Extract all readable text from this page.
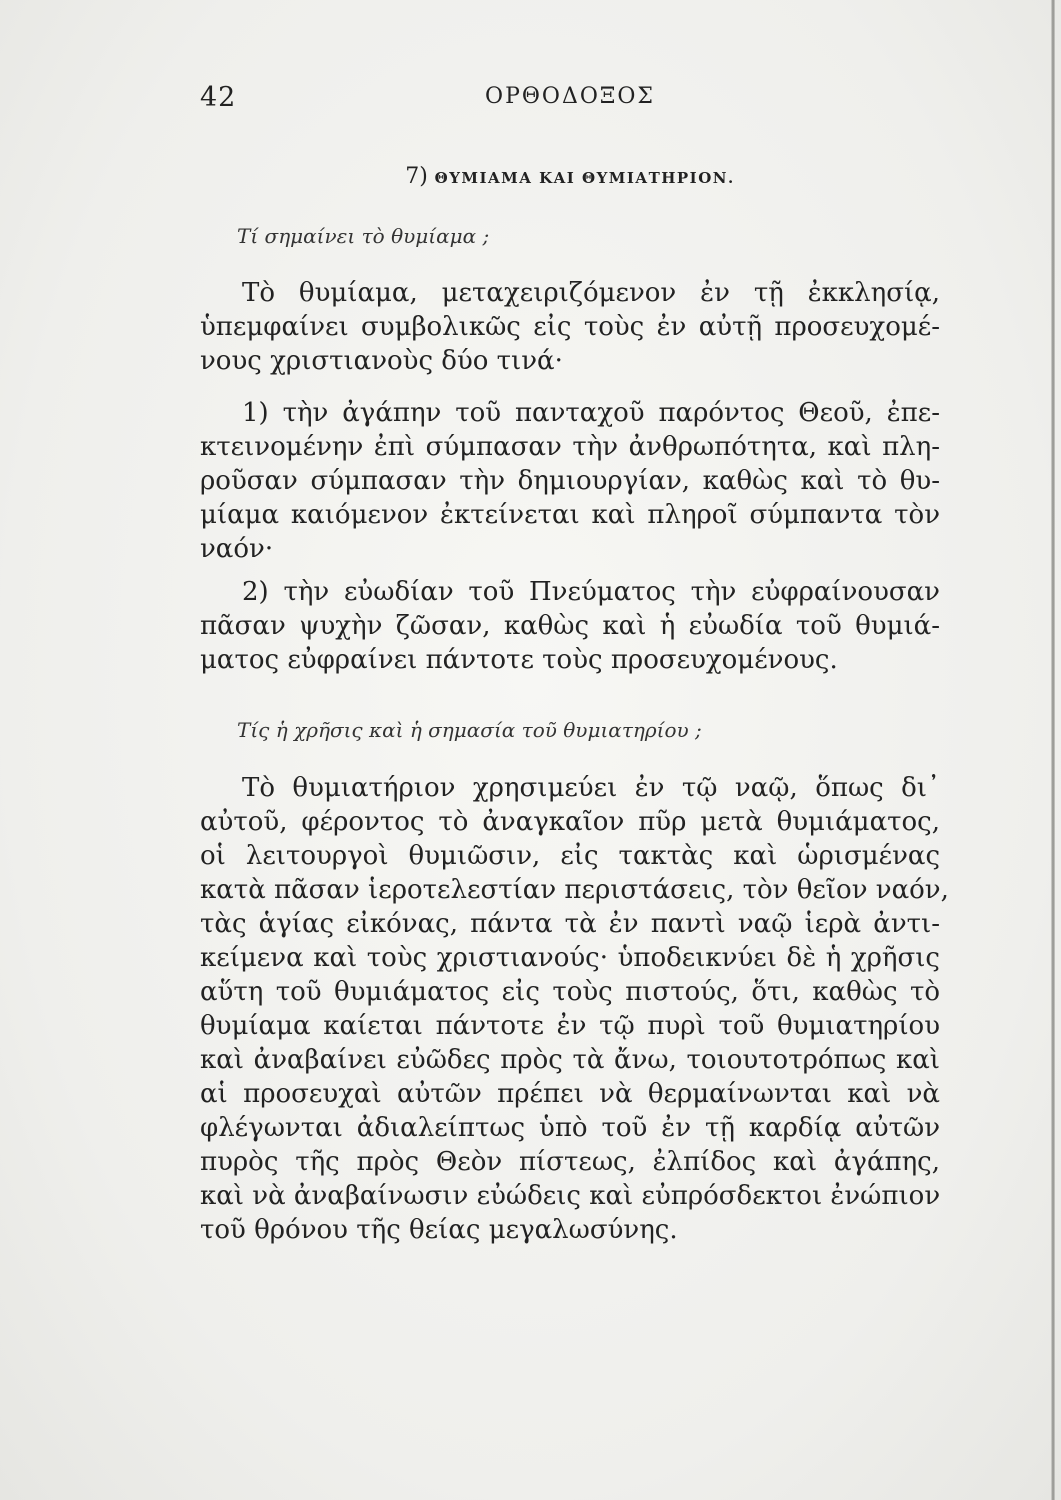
42	ΟΡΘΟΔΟΞΟΣ
7) ΘΥΜΙΑΜΑ ΚΑΙ ΘΥΜΙΑΤΗΡΙΟΝ.
Τί σημαίνει τὸ θυμίαμα ;
Τὸ θυμίαμα, μεταχειριζόμενον ἐν τῇ ἐκκλησίᾳ,
ὑπεμφαίνει συμβολικῶς εἰς τοὺς ἐν αὐτῇ προσευχομέ-
νους χριστιανοὺς δύο τινά·
1) τὴν ἀγάπην τοῦ πανταχοῦ παρόντος Θεοῦ, ἐπε-
κτεινομένην ἐπὶ σύμπασαν τὴν ἀνθρωπότητα, καὶ πλη-
ροῦσαν σύμπασαν τὴν δημιουργίαν, καθὼς καὶ τὸ θυ-
μίαμα καιόμενον ἐκτείνεται καὶ πληροῖ σύμπαντα τὸν
ναόν·
2) τὴν εὐωδίαν τοῦ Πνεύματος τὴν εὐφραίνουσαν
πᾶσαν ψυχὴν ζῶσαν, καθὼς καὶ ἡ εὐωδία τοῦ θυμιά-
ματος εὐφραίνει πάντοτε τοὺς προσευχομένους.
Τίς ἡ χρῆσις καὶ ἡ σημασία τοῦ θυμιατηρίου ;
Τὸ θυμιατήριον χρησιμεύει ἐν τῷ ναῷ, ὅπως δι᾽
αὐτοῦ, φέροντος τὸ ἀναγκαῖον πῦρ μετὰ θυμιάματος,
οἱ λειτουργοὶ θυμιῶσιν, εἰς τακτὰς καὶ ὡρισμένας
κατὰ πᾶσαν ἱεροτελεστίαν περιστάσεις, τὸν θεῖον ναόν,
τὰς ἁγίας εἰκόνας, πάντα τὰ ἐν παντὶ ναῷ ἱερὰ ἀντι-
κείμενα καὶ τοὺς χριστιανούς· ὑποδεικνύει δὲ ἡ χρῆσις
αὕτη τοῦ θυμιάματος εἰς τοὺς πιστούς, ὅτι, καθὼς τὸ
θυμίαμα καίεται πάντοτε ἐν τῷ πυρὶ τοῦ θυμιατηρίου
καὶ ἀναβαίνει εὐῶδες πρὸς τὰ ἄνω, τοιουτοτρόπως καὶ
αἱ προσευχαὶ αὐτῶν πρέπει νὰ θερμαίνωνται καὶ νὰ
φλέγωνται ἀδιαλείπτως ὑπὸ τοῦ ἐν τῇ καρδίᾳ αὐτῶν
πυρὸς τῆς πρὸς Θεὸν πίστεως, ἐλπίδος καὶ ἀγάπης,
καὶ νὰ ἀναβαίνωσιν εὐώδεις καὶ εὐπρόσδεκτοι ἐνώπιον
τοῦ θρόνου τῆς θείας μεγαλωσύνης.
